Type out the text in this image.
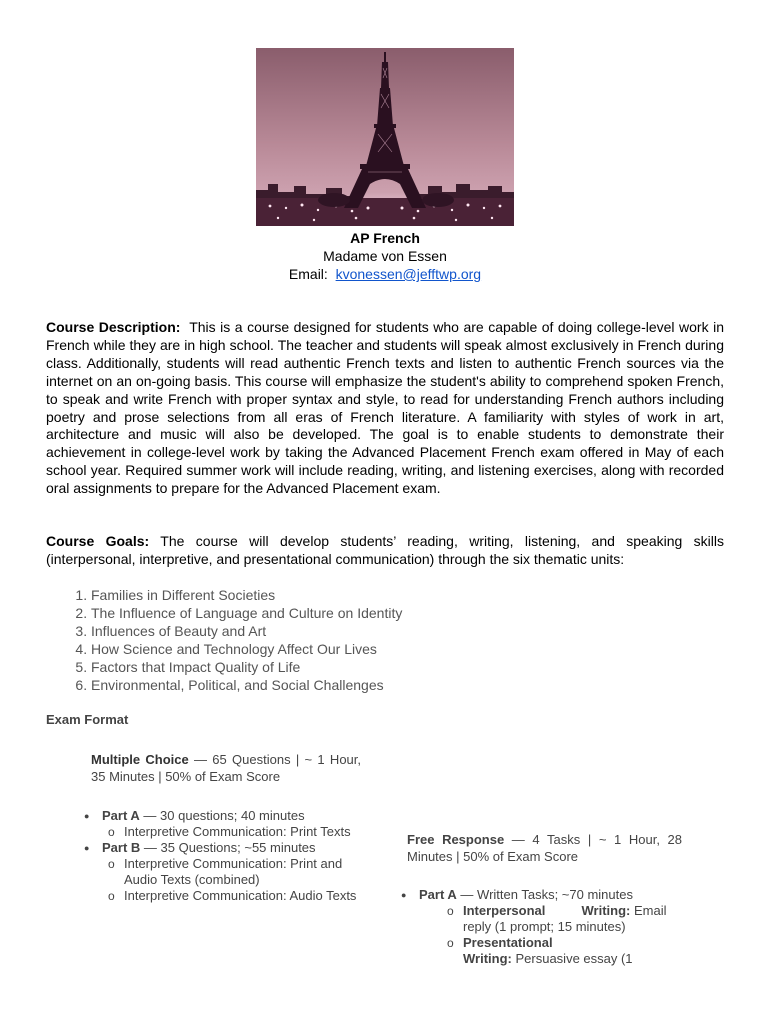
AP French
Madame von Essen
Email: kvonessen@jefftwp.org

Course Description: This is a course designed for students who are capable of doing college-level work in French while they are in high school. The teacher and students will speak almost exclusively in French during class. Additionally, students will read authentic French texts and listen to authentic French sources via the internet on an on-going basis. This course will emphasize the student's ability to comprehend spoken French, to speak and write French with proper syntax and style, to read for understanding French authors including poetry and prose selections from all eras of French literature. A familiarity with styles of work in art, architecture and music will also be developed. The goal is to enable students to demonstrate their achievement in college-level work by taking the Advanced Placement French exam offered in May of each school year. Required summer work will include reading, writing, and listening exercises, along with recorded oral assignments to prepare for the Advanced Placement exam.

Course Goals: The course will develop students’ reading, writing, listening, and speaking skills (interpersonal, interpretive, and presentational communication) through the six thematic units:

1. Families in Different Societies
2. The Influence of Language and Culture on Identity
3. Influences of Beauty and Art
4. How Science and Technology Affect Our Lives
5. Factors that Impact Quality of Life
6. Environmental, Political, and Social Challenges
Exam Format

Multiple Choice — 65 Questions | ~ 1 Hour, 35 Minutes | 50% of Exam Score

● Part A — 30 questions; 40 minutes
o Interpretive Communication: Print Texts
● Part B — 35 Questions; ~55 minutes
o Interpretive Communication: Print and Audio Texts (combined)
o Interpretive Communication: Audio Texts

Free Response — 4 Tasks | ~ 1 Hour, 28 Minutes | 50% of Exam Score

● Part A — Written Tasks; ~70 minutes
o Interpersonal	Writing: Email reply (1 prompt; 15 minutes)
o Presentational
Writing: Persuasive essay (1
